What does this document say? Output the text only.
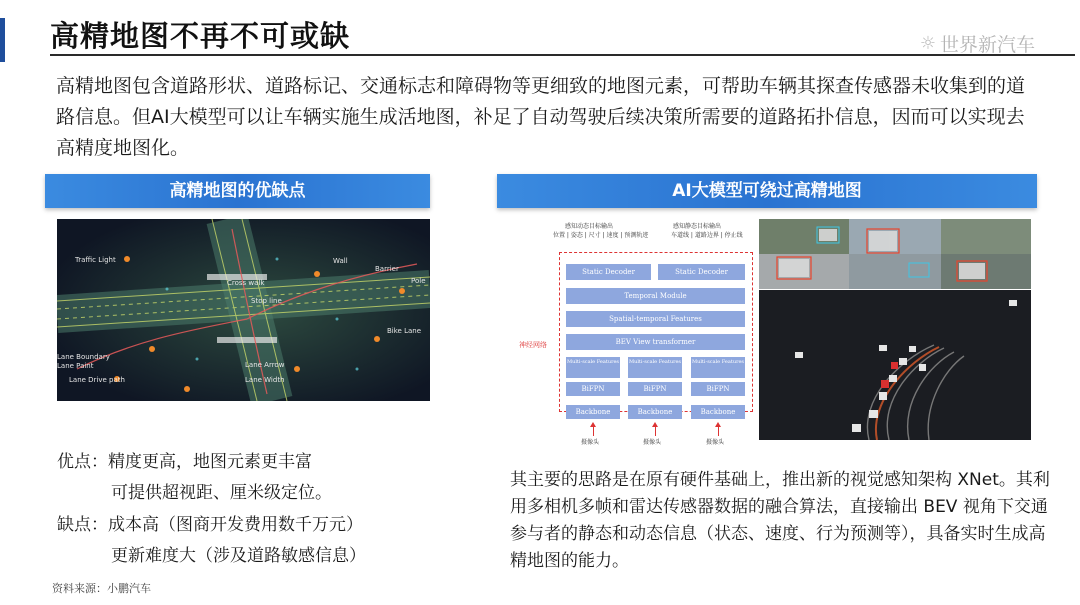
高精地图不再不可或缺	☼ 世界新汽车
高精地图包含道路形状、道路标记、交通标志和障碍物等更细致的地图元素，可帮助车辆其探查传感器未收集到的道路信息。但AI大模型可以让车辆实施生成活地图，补足了自动驾驶后续决策所需要的道路拓扑信息，因而可以实现去高精度地图化。
高精地图的优缺点
Traffic Light	Wall
Barrier
Pole
Cross walk
Stop line
Bike Lane
Lane Boundary
Lane Paint	Lane Arrow
Lane Drive path	Lane Width
优点：精度更高，地图元素更丰富
可提供超视距、厘米级定位。
缺点：成本高（图商开发费用数千万元）
更新难度大（涉及道路敏感信息）
资料来源：小鹏汽车
AI大模型可绕过高精地图
感知动态目标输出
位置 | 姿态 | 尺寸 | 速度 | 预测轨迹
感知静态目标输出
车道线 | 道路边界 | 停止线
神经网络
Static Decoder	Static Decoder
Temporal Module
Spatial-temporal Features
BEV View transformer
Multi-scale Features Multi-scale Features Multi-scale Features
BiFPN	BiFPN	BiFPN
Backbone	Backbone	Backbone
摄像头	摄像头	摄像头
其主要的思路是在原有硬件基础上，推出新的视觉感知架构 XNet。其利用多相机多帧和雷达传感器数据的融合算法，直接输出 BEV 视角下交通参与者的静态和动态信息（状态、速度、行为预测等），具备实时生成高精地图的能力。
